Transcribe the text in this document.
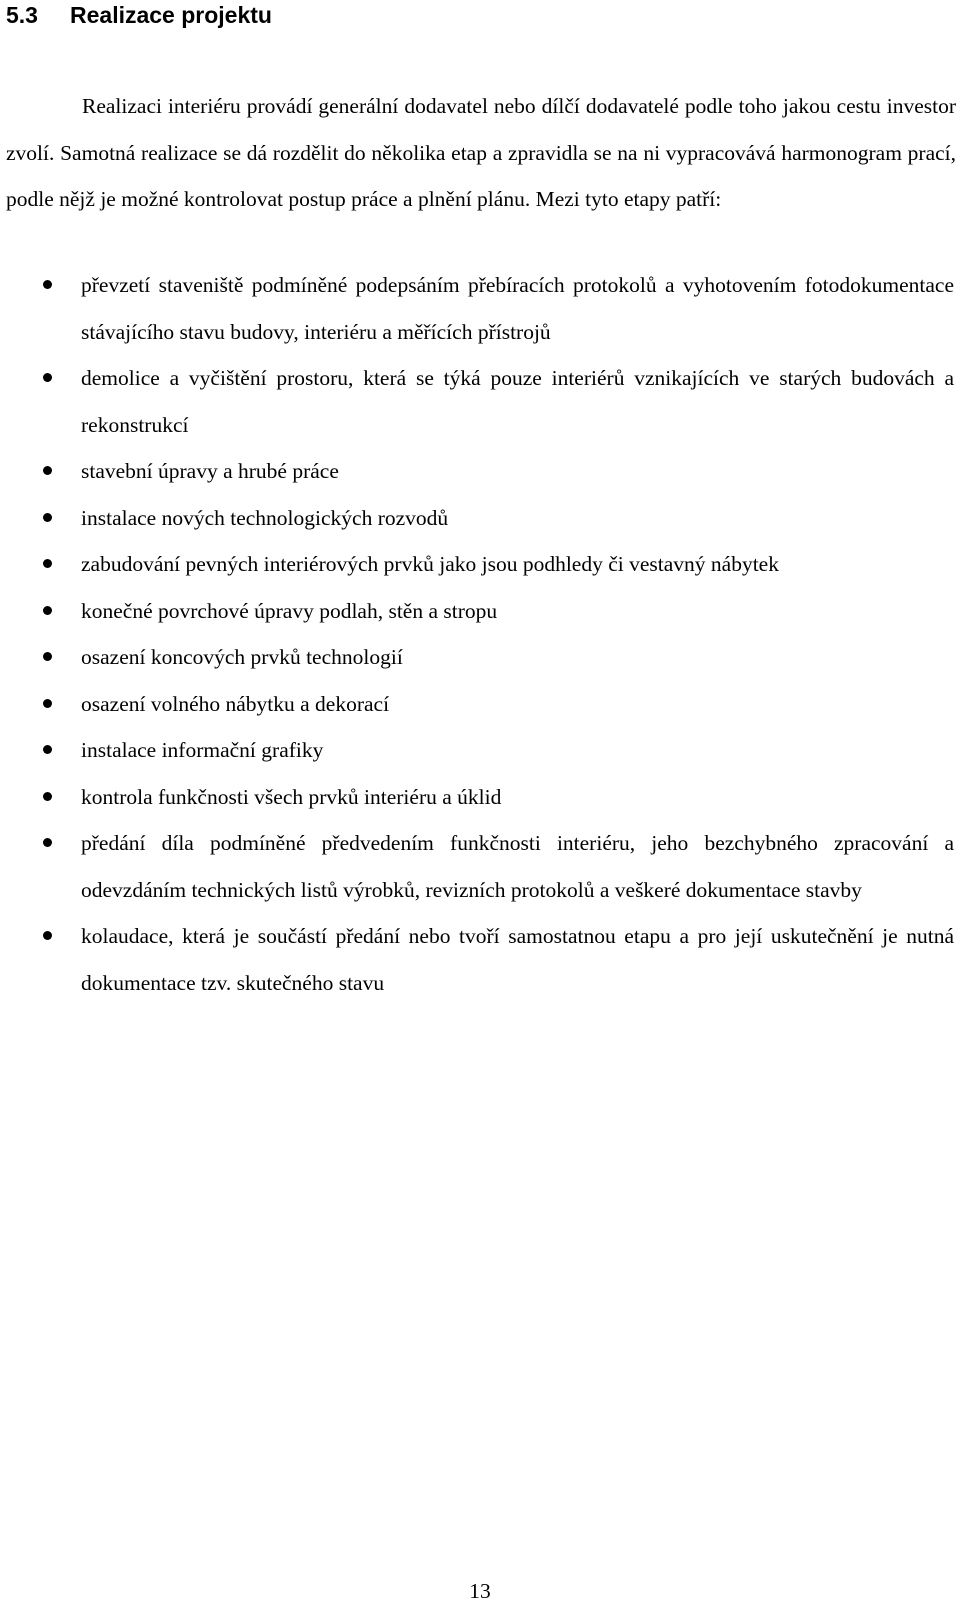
5.3 Realizace projektu

Realizaci interiéru provádí generální dodavatel nebo dílčí dodavatelé podle toho jakou cestu investor zvolí. Samotná realizace se dá rozdělit do několika etap a zpravidla se na ni vypracovává harmonogram prací, podle nějž je možné kontrolovat postup práce a plnění plánu. Mezi tyto etapy patří:

převzetí staveniště podmíněné podepsáním přebíracích protokolů a vyhotovením fotodokumentace stávajícího stavu budovy, interiéru a měřících přístrojů
demolice a vyčištění prostoru, která se týká pouze interiérů vznikajících ve starých budovách a rekonstrukcí
stavební úpravy a hrubé práce
instalace nových technologických rozvodů
zabudování pevných interiérových prvků jako jsou podhledy či vestavný nábytek
konečné povrchové úpravy podlah, stěn a stropu
osazení koncových prvků technologií
osazení volného nábytku a dekorací
instalace informační grafiky
kontrola funkčnosti všech prvků interiéru a úklid
předání díla podmíněné předvedením funkčnosti interiéru, jeho bezchybného zpracování a odevzdáním technických listů výrobků, revizních protokolů a veškeré dokumentace stavby
kolaudace, která je součástí předání nebo tvoří samostatnou etapu a pro její uskutečnění je nutná dokumentace tzv. skutečného stavu
13
